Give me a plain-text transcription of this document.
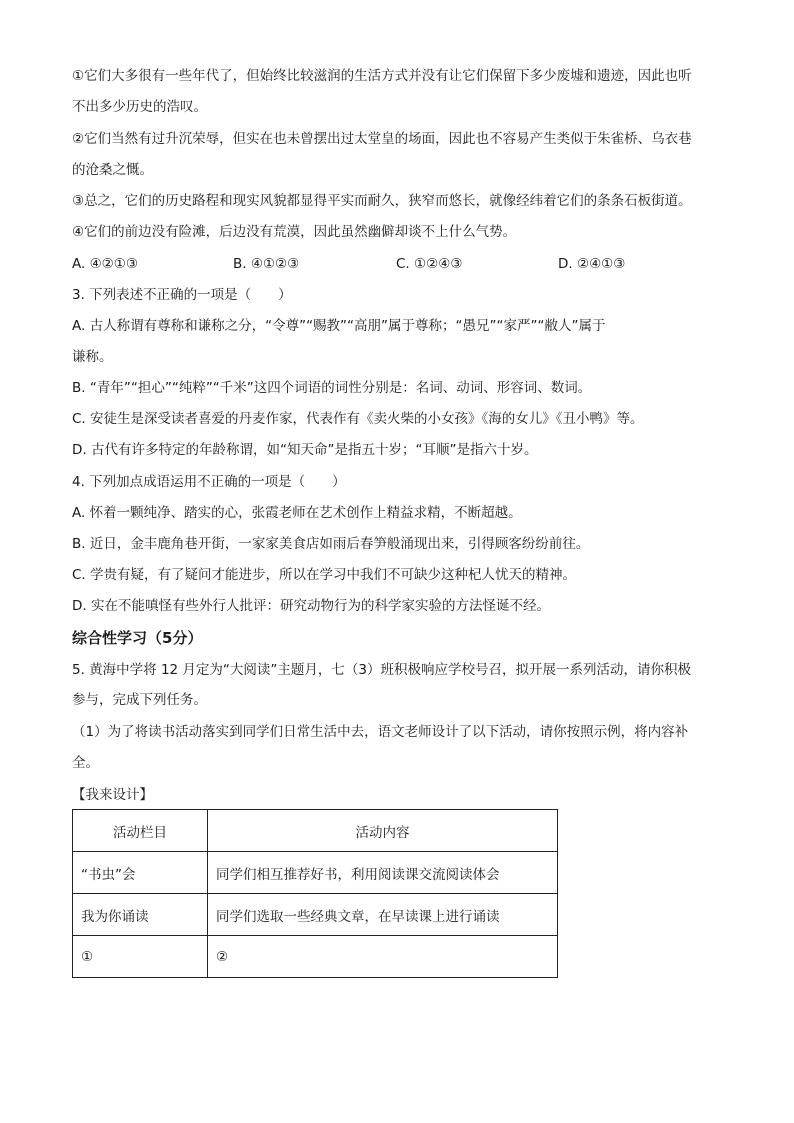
①它们大多很有一些年代了，但始终比较滋润的生活方式并没有让它们保留下多少废墟和遗迹，因此也听
不出多少历史的浩叹。
②它们当然有过升沉荣辱，但实在也未曾摆出过太堂皇的场面，因此也不容易产生类似于朱雀桥、乌衣巷
的沧桑之慨。
③总之，它们的历史路程和现实风貌都显得平实而耐久，狭窄而悠长，就像经纬着它们的条条石板街道。
④它们的前边没有险滩，后边没有荒漠，因此虽然幽僻却谈不上什么气势。
A. ④②①③	B. ④①②③	C. ①②④③	D. ②④①③
3. 下列表述不正确的一项是（　　）
A. 古人称谓有尊称和谦称之分，“令尊”“赐教”“高朋”属于尊称；“愚兄”“家严”“敝人”属于
谦称。
B. “青年”“担心”“纯粹”“千米”这四个词语的词性分别是：名词、动词、形容词、数词。
C. 安徒生是深受读者喜爱的丹麦作家，代表作有《卖火柴的小女孩》《海的女儿》《丑小鸭》等。
D. 古代有许多特定的年龄称谓，如“知天命”是指五十岁；“耳顺”是指六十岁。
4. 下列加点成语运用不正确的一项是（　　）
A. 怀着一颗纯净、踏实的心，张霞老师在艺术创作上精益求精，不断超越。
B. 近日，金丰鹿角巷开街，一家家美食店如雨后春笋般涌现出来，引得顾客纷纷前往。
C. 学贵有疑，有了疑问才能进步，所以在学习中我们不可缺少这种杞人忧天的精神。
D. 实在不能嗔怪有些外行人批评：研究动物行为的科学家实验的方法怪诞不经。
综合性学习（5分）
5. 黄海中学将 12 月定为“大阅读”主题月，七（3）班积极响应学校号召，拟开展一系列活动，请你积极
参与，完成下列任务。
（1）为了将读书活动落实到同学们日常生活中去，语文老师设计了以下活动，请你按照示例，将内容补
全。
【我来设计】
活动栏目	活动内容
“书虫”会	同学们相互推荐好书，利用阅读课交流阅读体会
我为你诵读	同学们选取一些经典文章，在早读课上进行诵读
①	②
